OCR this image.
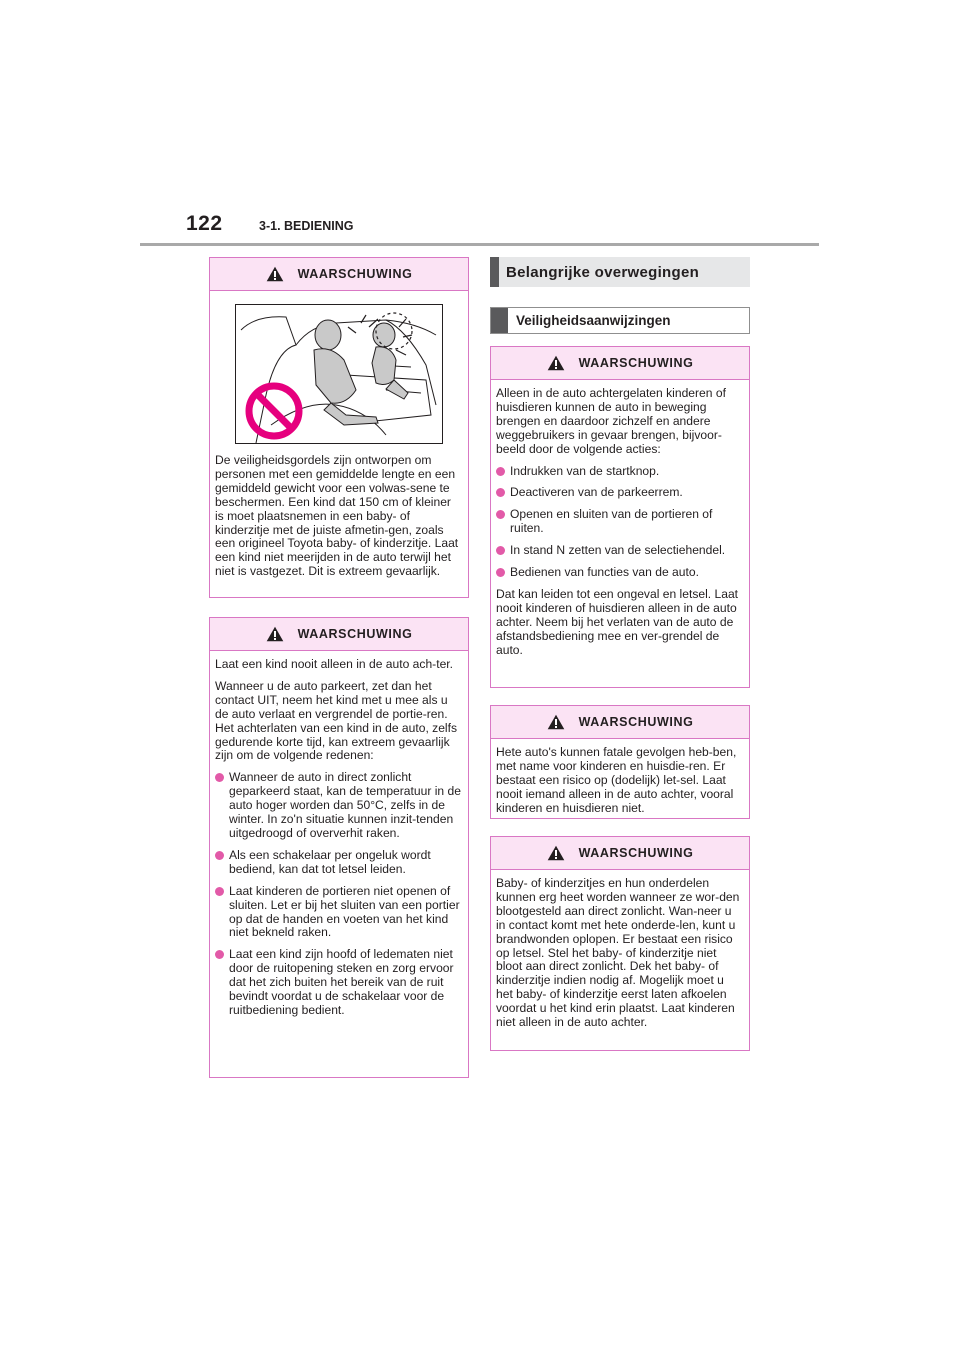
122	3-1. BEDIENING
WAARSCHUWING

De veiligheidsgordels zijn ontworpen om personen met een gemiddelde lengte en een gemiddeld gewicht voor een volwas-sene te beschermen. Een kind dat 150 cm of kleiner is moet plaatsnemen in een baby- of kinderzitje met de juiste afmetin-gen, zoals een origineel Toyota baby- of kinderzitje. Laat een kind niet meerijden in de auto terwijl het niet is vastgezet. Dit is extreem gevaarlijk.

WAARSCHUWING

Laat een kind nooit alleen in de auto ach-ter.

Wanneer u de auto parkeert, zet dan het contact UIT, neem het kind met u mee als u de auto verlaat en vergrendel de portie-ren. Het achterlaten van een kind in de auto, zelfs gedurende korte tijd, kan extreem gevaarlijk zijn om de volgende redenen:

Wanneer de auto in direct zonlicht geparkeerd staat, kan de temperatuur in de auto hoger worden dan 50°C, zelfs in de winter. In zo'n situatie kunnen inzit-tenden uitgedroogd of oververhit raken.
Als een schakelaar per ongeluk wordt bediend, kan dat tot letsel leiden.
Laat kinderen de portieren niet openen of sluiten. Let er bij het sluiten van een portier op dat de handen en voeten van het kind niet bekneld raken.
Laat een kind zijn hoofd of ledematen niet door de ruitopening steken en zorg ervoor dat het zich buiten het bereik van de ruit bevindt voordat u de schakelaar voor de ruitbediening bedient.
Belangrijke overwegingen
Veiligheidsaanwijzingen
WAARSCHUWING

Alleen in de auto achtergelaten kinderen of huisdieren kunnen de auto in beweging brengen en daardoor zichzelf en andere weggebruikers in gevaar brengen, bijvoor-beeld door de volgende acties:

Indrukken van de startknop.
Deactiveren van de parkeerrem.
Openen en sluiten van de portieren of ruiten.
In stand N zetten van de selectiehendel.
Bedienen van functies van de auto.

Dat kan leiden tot een ongeval en letsel. Laat nooit kinderen of huisdieren alleen in de auto achter. Neem bij het verlaten van de auto de afstandsbediening mee en ver-grendel de auto.

WAARSCHUWING

Hete auto's kunnen fatale gevolgen heb-ben, met name voor kinderen en huisdie-ren. Er bestaat een risico op (dodelijk) let-sel. Laat nooit iemand alleen in de auto achter, vooral kinderen en huisdieren niet.

WAARSCHUWING

Baby- of kinderzitjes en hun onderdelen kunnen erg heet worden wanneer ze wor-den blootgesteld aan direct zonlicht. Wan-neer u in contact komt met hete onderde-len, kunt u brandwonden oplopen. Er bestaat een risico op letsel. Stel het baby- of kinderzitje niet bloot aan direct zonlicht. Dek het baby- of kinderzitje indien nodig af. Mogelijk moet u het baby- of kinderzitje eerst laten afkoelen voordat u het kind erin plaatst. Laat kinderen niet alleen in de auto achter.
